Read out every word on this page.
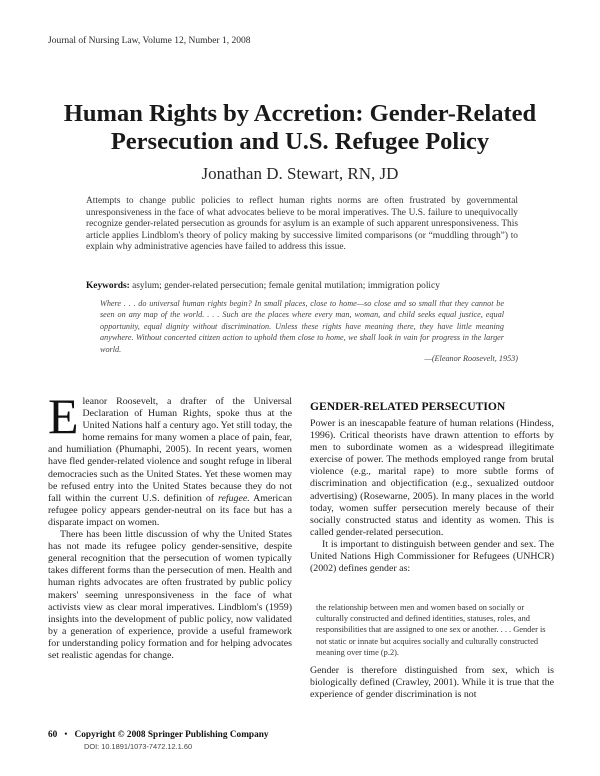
Journal of Nursing Law, Volume 12, Number 1, 2008
Human Rights by Accretion: Gender-Related
Persecution and U.S. Refugee Policy
Jonathan D. Stewart, RN, JD
Attempts to change public policies to reflect human rights norms are often frustrated by governmental unresponsiveness in the face of what advocates believe to be moral imperatives. The U.S. failure to unequivocally recognize gender-related persecution as grounds for asylum is an example of such apparent unresponsiveness. This article applies Lindblom's theory of policy making by successive limited comparisons (or “muddling through”) to explain why administrative agencies have failed to address this issue.
Keywords: asylum; gender-related persecution; female genital mutilation; immigration policy
Where . . . do universal human rights begin? In small places, close to home—so close and so small that they cannot be seen on any map of the world. . . . Such are the places where every man, woman, and child seeks equal justice, equal opportunity, equal dignity without discrimination. Unless these rights have meaning there, they have little meaning anywhere. Without concerted citizen action to uphold them close to home, we shall look in vain for progress in the larger world.
—(Eleanor Roosevelt, 1953)

Eleanor Roosevelt, a drafter of the Universal Declaration of Human Rights, spoke thus at the United Nations half a century ago. Yet still today, the home remains for many women a place of pain, fear, and humiliation (Phumaphi, 2005). In recent years, women have fled gender-related violence and sought refuge in liberal democracies such as the United States. Yet these women may be refused entry into the United States because they do not fall within the current U.S. definition of refugee. American refugee policy appears gender-neutral on its face but has a disparate impact on women.

There has been little discussion of why the United States has not made its refugee policy gender-sensitive, despite general recognition that the persecution of women typically takes different forms than the persecution of men. Health and human rights advocates are often frustrated by public policy makers' seeming unresponsiveness in the face of what activists view as clear moral imperatives. Lindblom's (1959) insights into the development of public policy, now validated by a generation of experience, provide a useful framework for understanding policy formation and for helping advocates set realistic agendas for change.

GENDER-RELATED PERSECUTION

Power is an inescapable feature of human relations (Hindess, 1996). Critical theorists have drawn attention to efforts by men to subordinate women as a widespread illegitimate exercise of power. The methods employed range from brutal violence (e.g., marital rape) to more subtle forms of discrimination and objectification (e.g., sexualized outdoor advertising) (Rosewarne, 2005). In many places in the world today, women suffer persecution merely because of their socially constructed status and identity as women. This is called gender-related persecution.

It is important to distinguish between gender and sex. The United Nations High Commissioner for Refugees (UNHCR) (2002) defines gender as:

the relationship between men and women based on socially or culturally constructed and defined identities, statuses, roles, and responsibilities that are assigned to one sex or another. . . . Gender is not static or innate but acquires socially and culturally constructed meaning over time (p.2).

Gender is therefore distinguished from sex, which is biologically defined (Crawley, 2001). While it is true that the experience of gender discrimination is not

60 • Copyright © 2008 Springer Publishing Company
DOI: 10.1891/1073-7472.12.1.60
